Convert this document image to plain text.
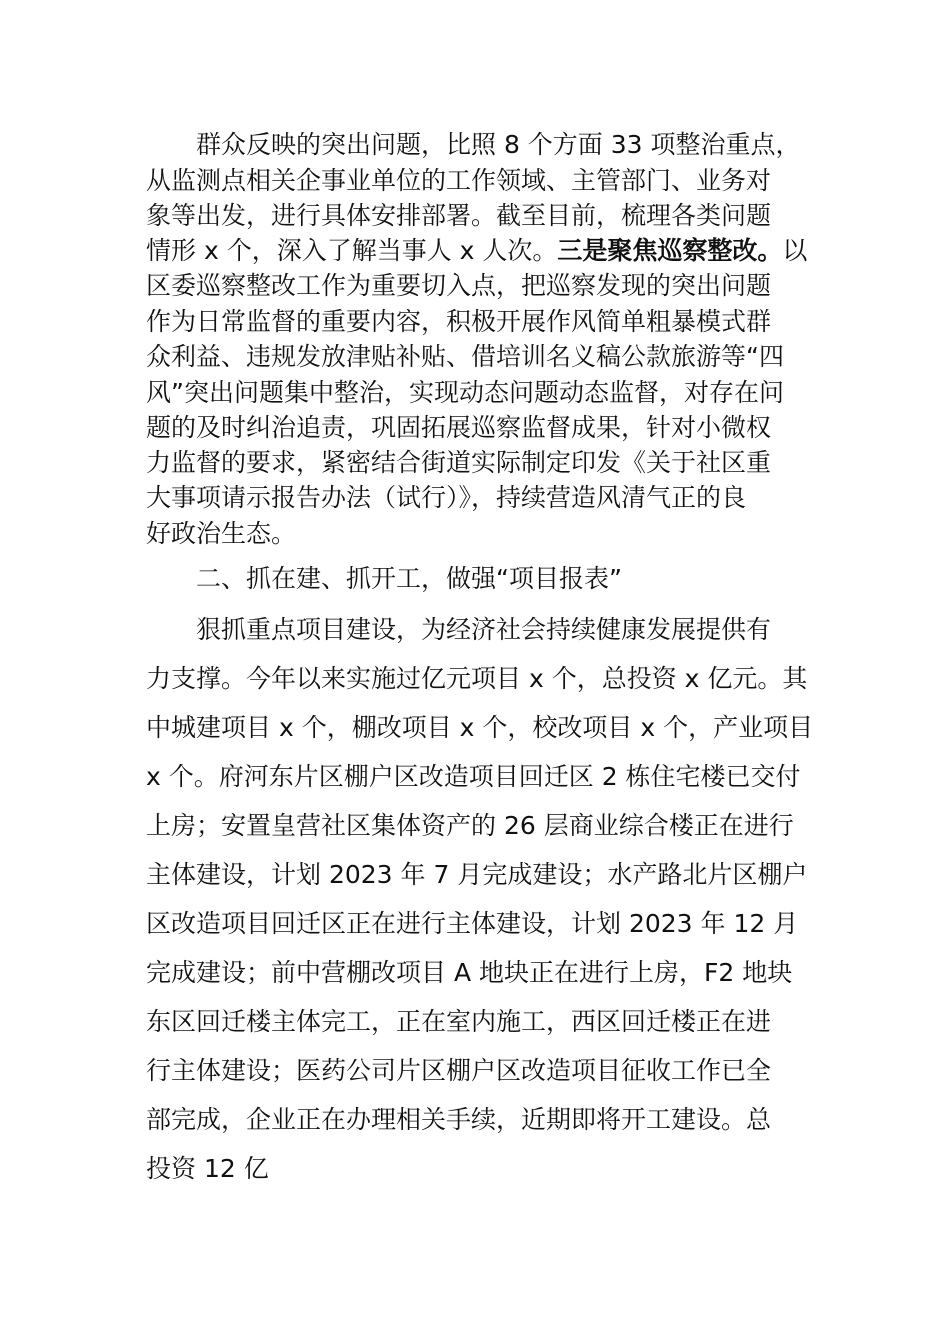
群众反映的突出问题，比照 8 个方面 33 项整治重点，

从监测点相关企事业单位的工作领域、主管部门、业务对

象等出发，进行具体安排部署。截至目前，梳理各类问题

情形 x 个，深入了解当事人 x 人次。三是聚焦巡察整改。以

区委巡察整改工作为重要切入点，把巡察发现的突出问题

作为日常监督的重要内容，积极开展作风简单粗暴模式群

众利益、违规发放津贴补贴、借培训名义稿公款旅游等“四

风”突出问题集中整治，实现动态问题动态监督，对存在问

题的及时纠治追责，巩固拓展巡察监督成果，针对小微权

力监督的要求，紧密结合街道实际制定印发《关于社区重

大事项请示报告办法（试行）》，持续营造风清气正的良

好政治生态。

二、抓在建、抓开工，做强“项目报表”

狠抓重点项目建设，为经济社会持续健康发展提供有

力支撑。今年以来实施过亿元项目 x 个，总投资 x 亿元。其

中城建项目 x 个，棚改项目 x 个，校改项目 x 个，产业项目

x 个。府河东片区棚户区改造项目回迁区 2 栋住宅楼已交付

上房；安置皇营社区集体资产的 26 层商业综合楼正在进行

主体建设，计划 2023 年 7 月完成建设；水产路北片区棚户

区改造项目回迁区正在进行主体建设，计划 2023 年 12 月

完成建设；前中营棚改项目 A 地块正在进行上房，F2 地块

东区回迁楼主体完工，正在室内施工，西区回迁楼正在进

行主体建设；医药公司片区棚户区改造项目征收工作已全

部完成，企业正在办理相关手续，近期即将开工建设。总

投资 12 亿
